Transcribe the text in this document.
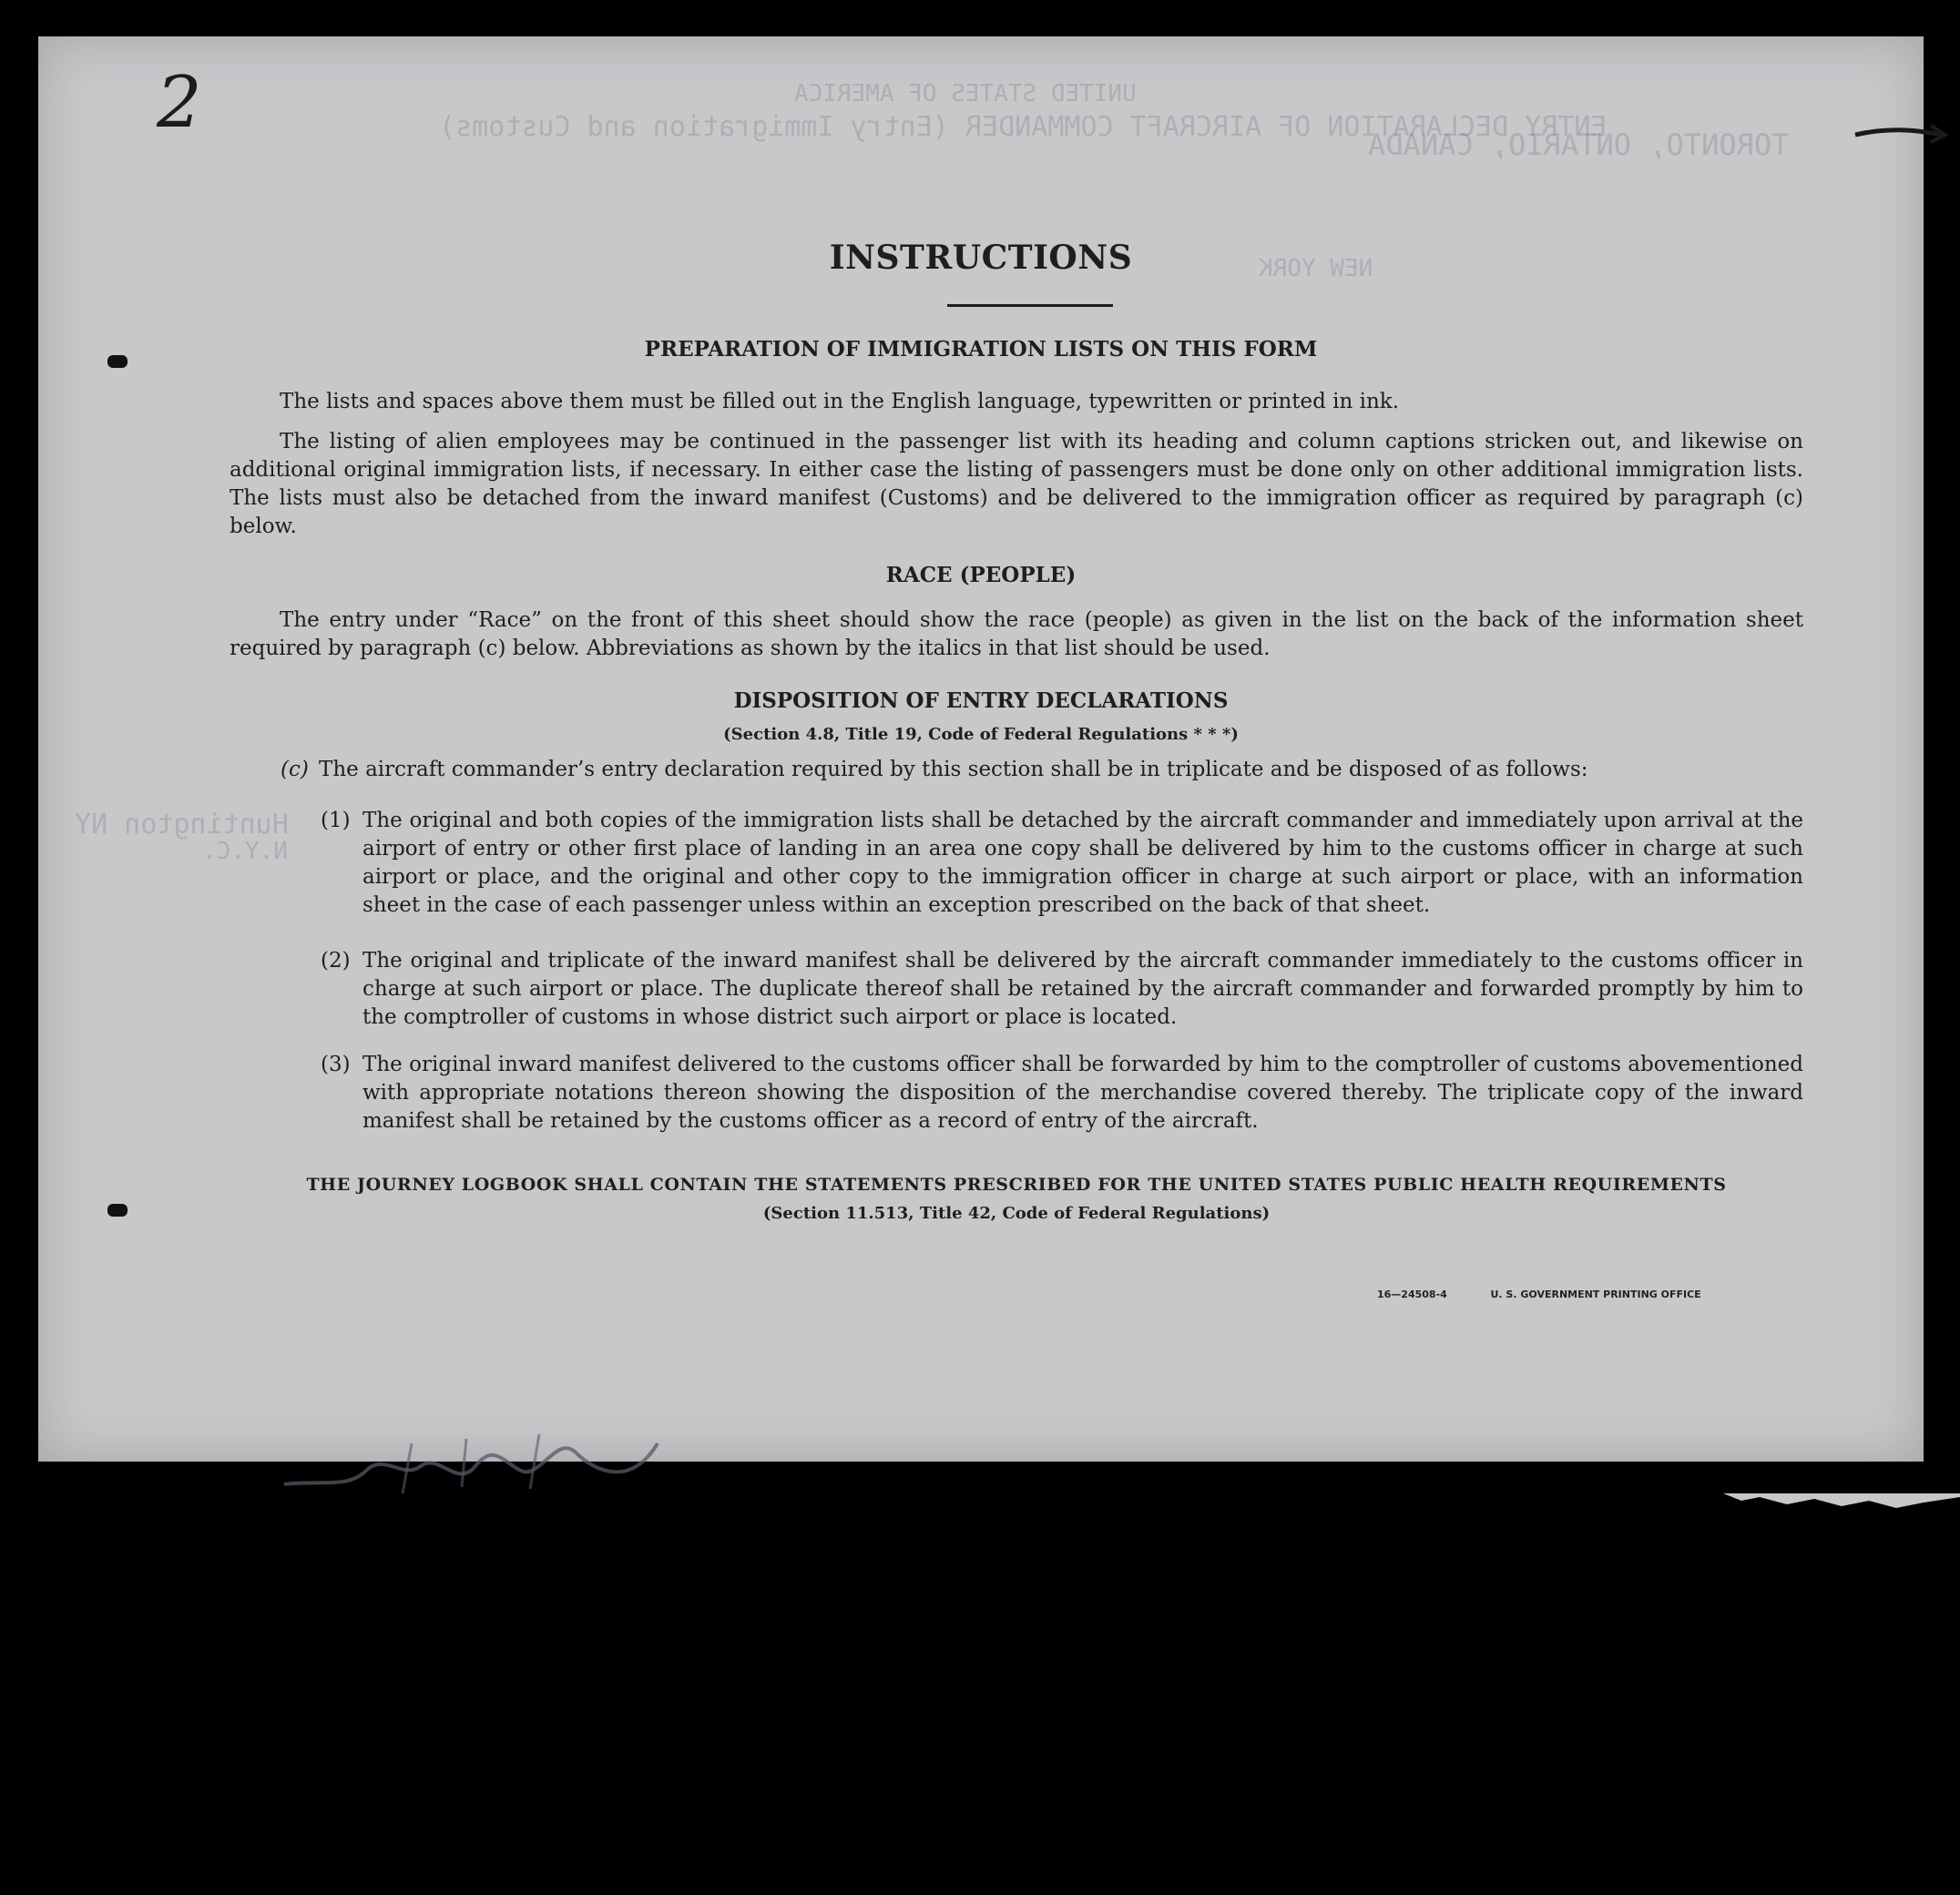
UNITED STATES OF AMERICA
ENTRY DECLARATION OF AIRCRAFT COMMANDER (Entry Immigration and Customs)
TORONTO, ONTARIO, CANADA
NEW YORK
Huntington NY
N.Y.C.
2
INSTRUCTIONS
PREPARATION OF IMMIGRATION LISTS ON THIS FORM
The lists and spaces above them must be filled out in the English language, typewritten or printed in ink.
The listing of alien employees may be continued in the passenger list with its heading and column captions stricken out, and likewise on additional original immigration lists, if necessary. In either case the listing of passengers must be done only on other additional immigration lists. The lists must also be detached from the inward manifest (Customs) and be delivered to the immigration officer as required by paragraph (c) below.
RACE (PEOPLE)
The entry under “Race” on the front of this sheet should show the race (people) as given in the list on the back of the information sheet required by paragraph (c) below. Abbreviations as shown by the italics in that list should be used.
DISPOSITION OF ENTRY DECLARATIONS
(Section 4.8, Title 19, Code of Federal Regulations * * *)
(c) The aircraft commander’s entry declaration required by this section shall be in triplicate and be disposed of as follows:
(1) The original and both copies of the immigration lists shall be detached by the aircraft commander and immediately upon arrival at the airport of entry or other first place of landing in an area one copy shall be delivered by him to the customs officer in charge at such airport or place, and the original and other copy to the immigration officer in charge at such airport or place, with an information sheet in the case of each passenger unless within an exception prescribed on the back of that sheet.
(2) The original and triplicate of the inward manifest shall be delivered by the aircraft commander immediately to the customs officer in charge at such airport or place. The duplicate thereof shall be retained by the aircraft commander and forwarded promptly by him to the comptroller of customs in whose district such airport or place is located.
(3) The original inward manifest delivered to the customs officer shall be forwarded by him to the comptroller of customs abovementioned with appropriate notations thereon showing the disposition of the merchandise covered thereby. The triplicate copy of the inward manifest shall be retained by the customs officer as a record of entry of the aircraft.
THE JOURNEY LOGBOOK SHALL CONTAIN THE STATEMENTS PRESCRIBED FOR THE UNITED STATES PUBLIC HEALTH REQUIREMENTS
(Section 11.513, Title 42, Code of Federal Regulations)
16—24508-4	U. S. GOVERNMENT PRINTING OFFICE
